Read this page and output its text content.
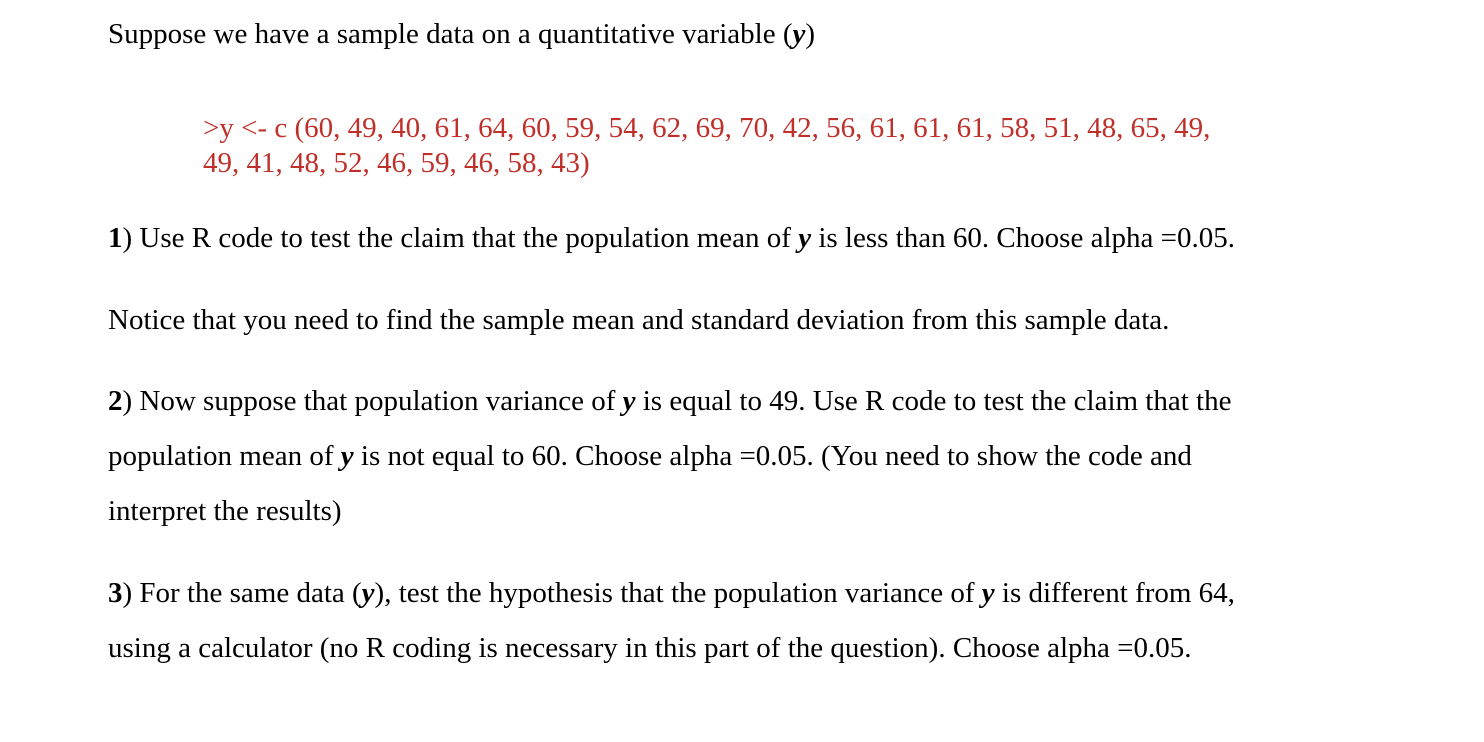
Suppose we have a sample data on a quantitative variable (y)

>y <- c (60, 49, 40, 61, 64, 60, 59, 54, 62, 69, 70, 42, 56, 61, 61, 61, 58, 51, 48, 65, 49,

49, 41, 48, 52, 46, 59, 46, 58, 43)

1) Use R code to test the claim that the population mean of y is less than 60. Choose alpha =0.05.

Notice that you need to find the sample mean and standard deviation from this sample data.

2) Now suppose that population variance of y is equal to 49. Use R code to test the claim that the

population mean of y is not equal to 60. Choose alpha =0.05. (You need to show the code and

interpret the results)

3) For the same data (y), test the hypothesis that the population variance of y is different from 64,

using a calculator (no R coding is necessary in this part of the question). Choose alpha =0.05.
